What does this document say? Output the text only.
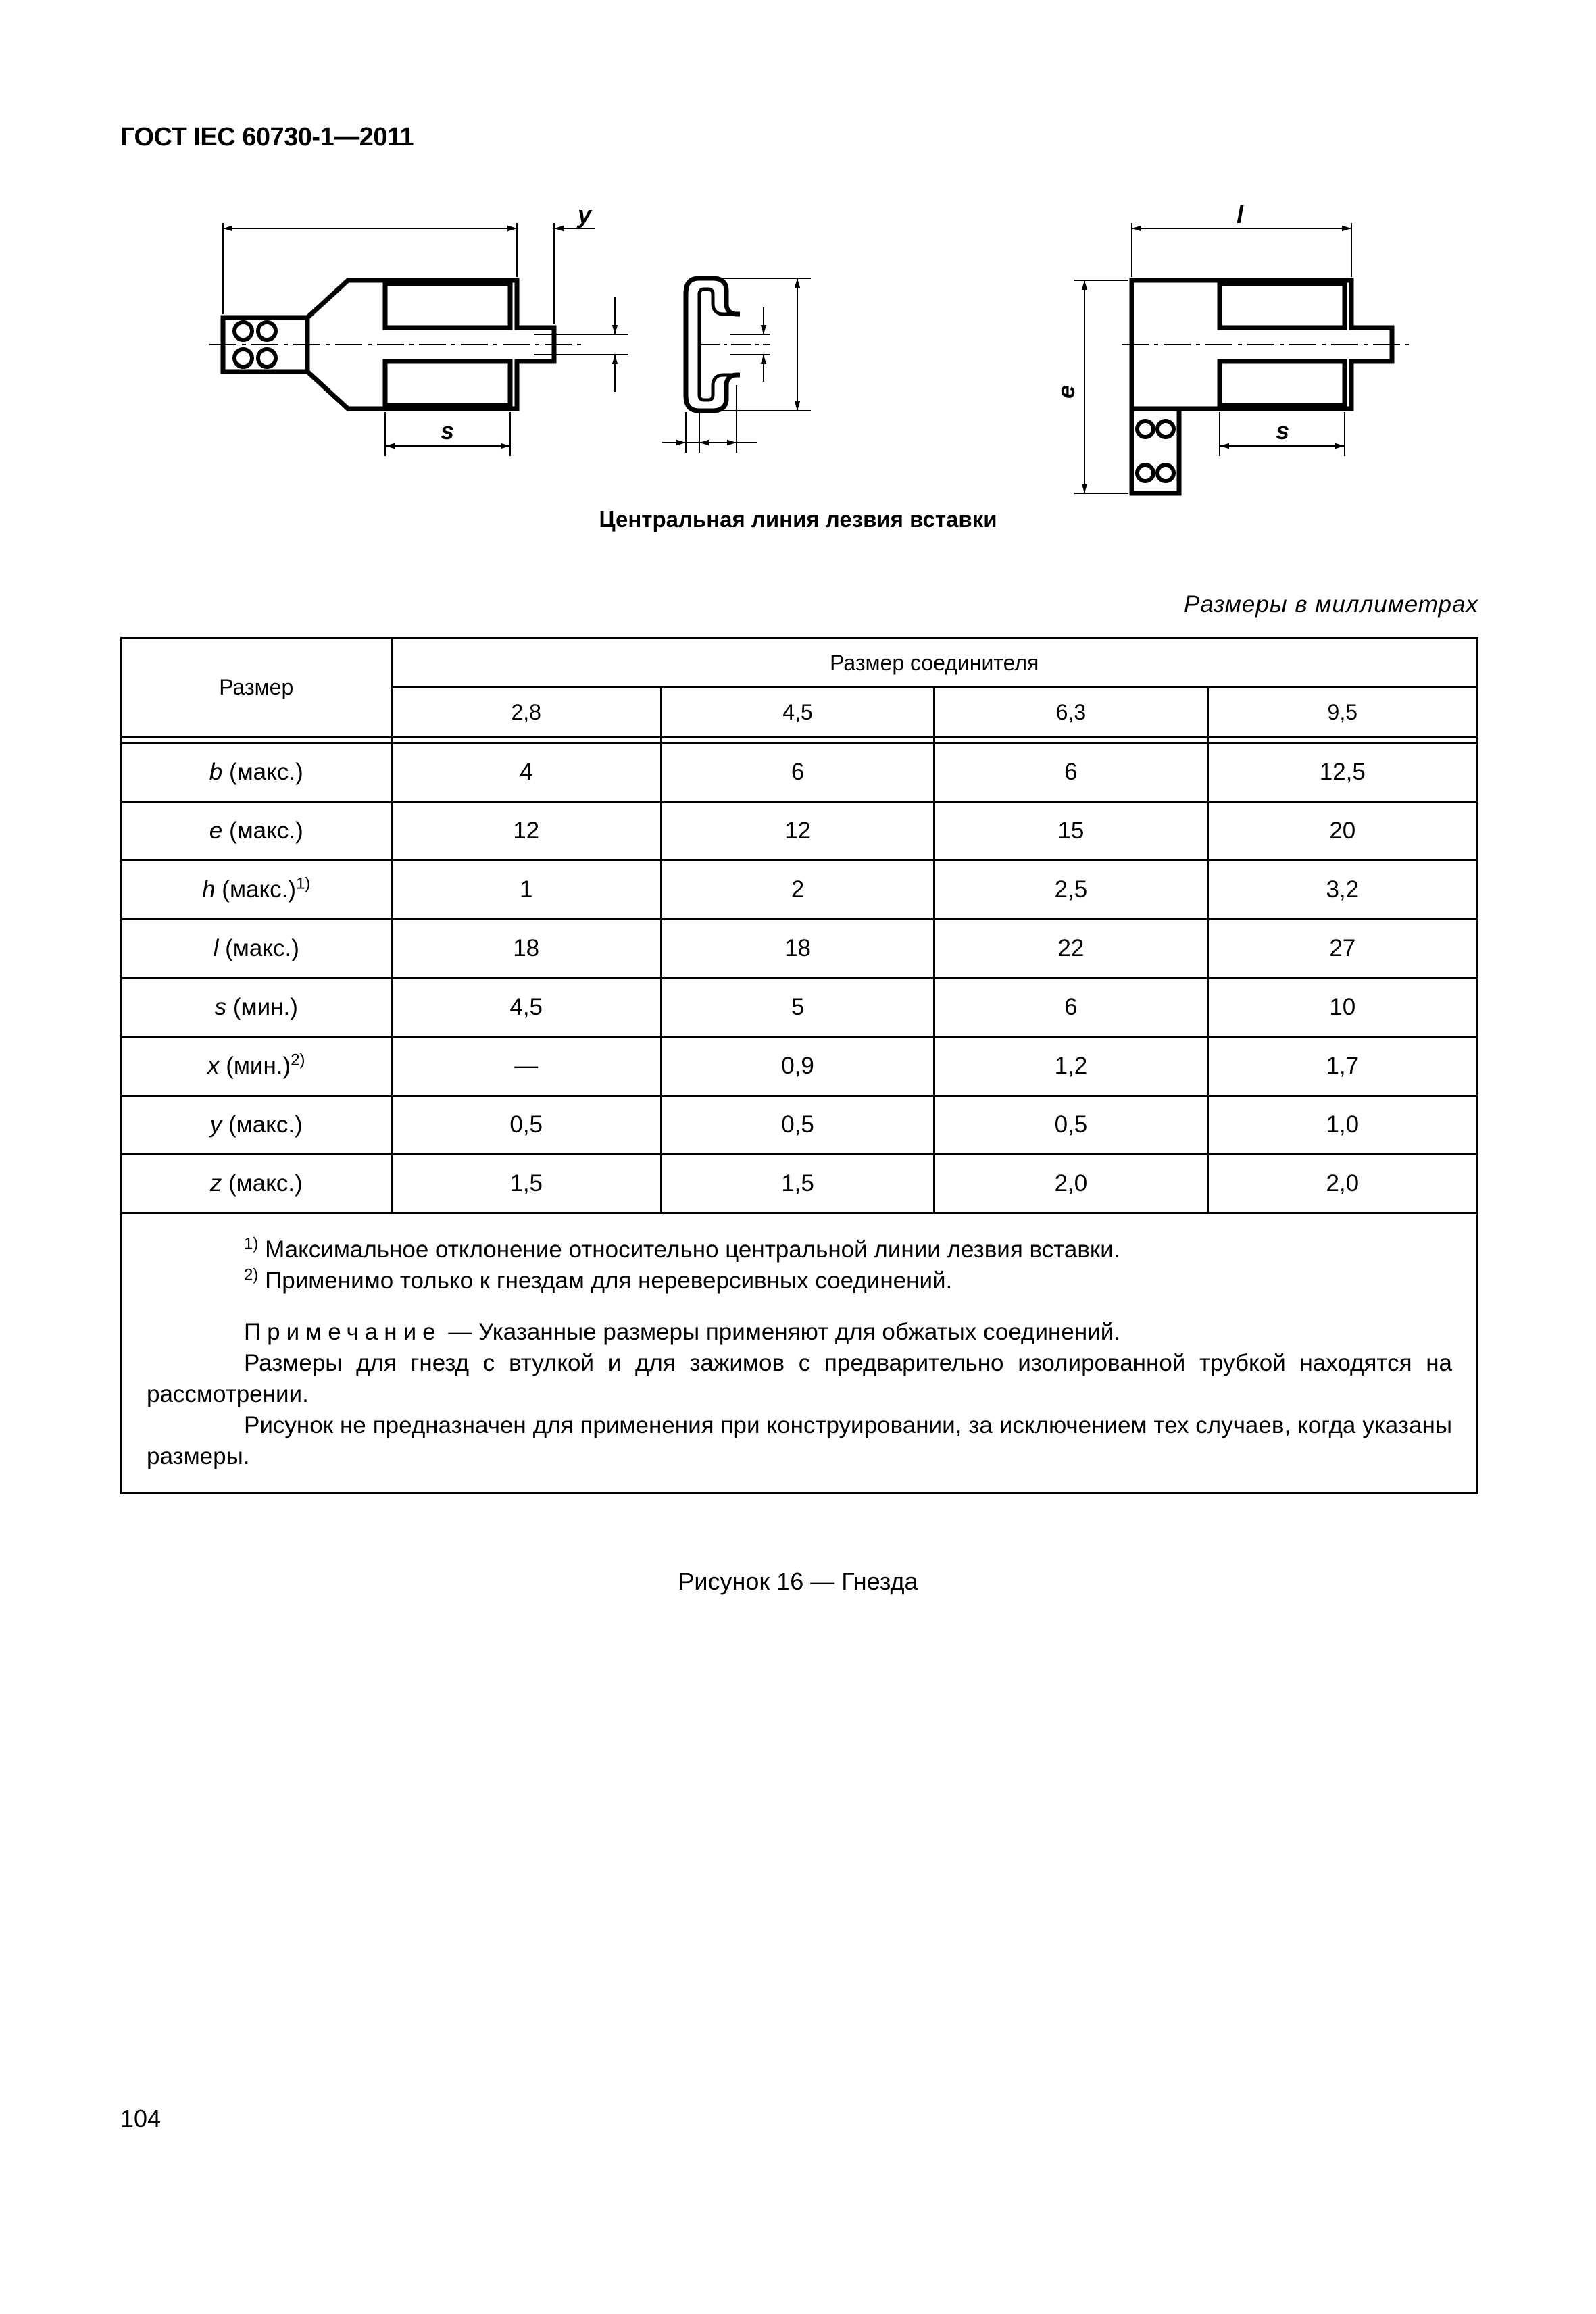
ГОСТ IEC 60730-1—2011
y
s
l
e
s
Центральная линия лезвия вставки
Размеры в миллиметрах
Размер	Размер соединителя			
	2,8	4,5	6,3	9,5

b (макс.)	4	6	6	12,5
e (макс.)	12	12	15	20
h (макс.)$^{1)}$	1	2	2,5	3,2
l (макс.)	18	18	22	27
s (мин.)	4,5	5	6	10
x $(мин.)^{2)}$	—	0,9	1,2	1,7
y (макс.)	0,5	0,5	0,5	1,0
z (макс.)	1,5	1,5	2,0	2,0

$^{1)}$ Максимальное отклонение относительно центральной линии лезвия вставки.
$^{2)}$ Применимо только к гнездам для нереверсивных соединений.
Примечание — Указанные размеры применяют для обжатых соединений.
Размеры для гнезд с втулкой и для зажимов с предварительно изолированной трубкой находятся на рассмотрении.
Рисунок не предназначен для применения при конструировании, за исключением тех случаев, когда указаны размеры.				
Рисунок 16 — Гнезда
104
